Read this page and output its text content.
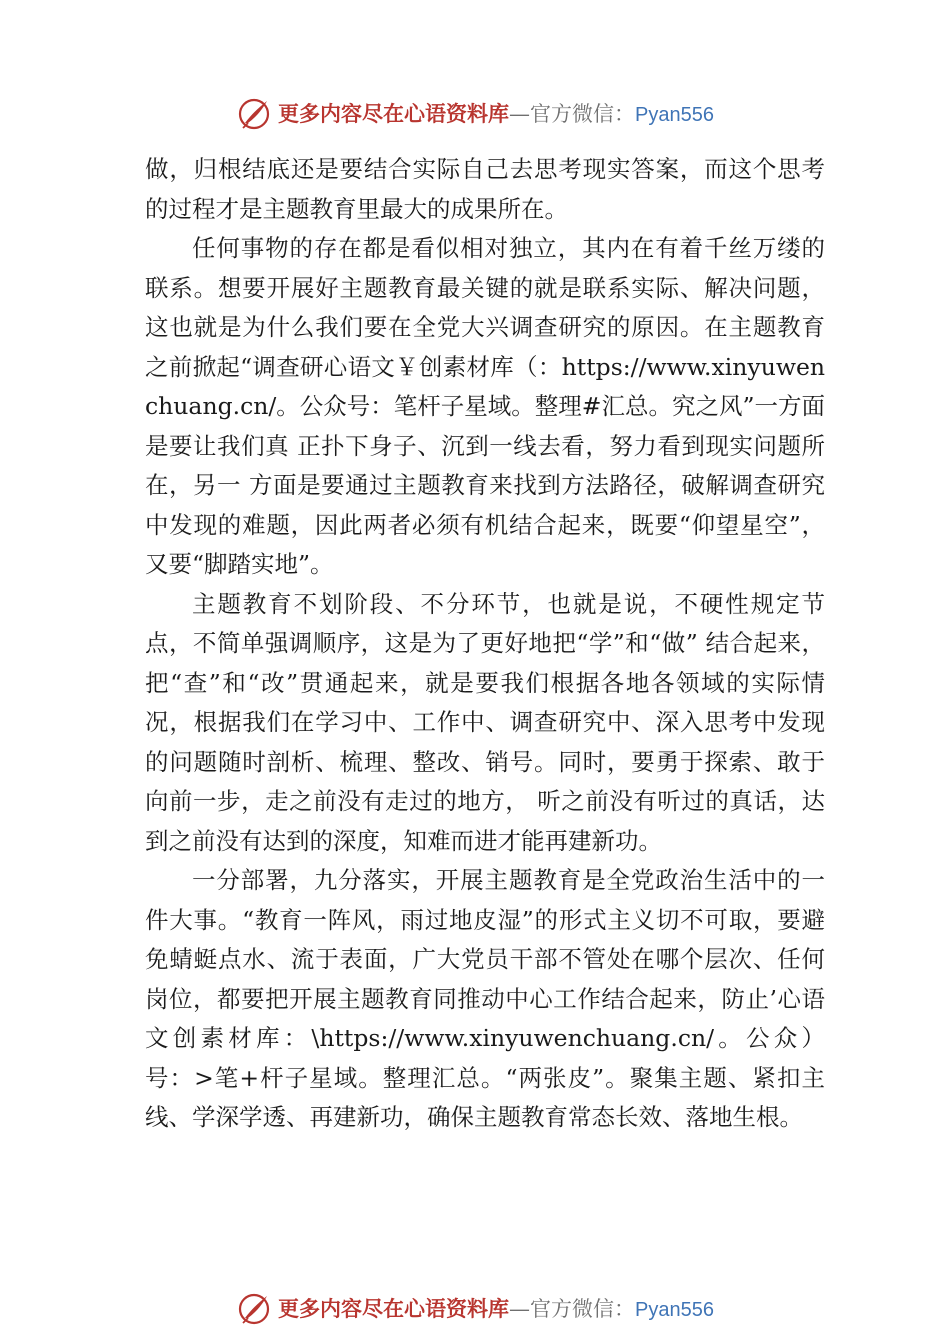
更多内容尽在心语资料库—官方微信：Pyan556

做，归根结底还是要结合实际自己去思考现实答案，而这个思考的过程才是主题教育里最大的成果所在。

任何事物的存在都是看似相对独立，其内在有着千丝万缕的联系。想要开展好主题教育最关键的就是联系实际、解决问题，这也就是为什么我们要在全党大兴调查研究的原因。在主题教育之前掀起“调查研心语文￥创素材库（：https://www.xinyuwenchuang.cn/。公众号：笔杆子星域。整理#汇总。究之风”一方面是要让我们真 正扑下身子、沉到一线去看，努力看到现实问题所在，另一 方面是要通过主题教育来找到方法路径，破解调查研究中发现的难题，因此两者必须有机结合起来，既要“仰望星空”， 又要“脚踏实地”。

主题教育不划阶段、不分环节，也就是说，不硬性规定节点，不简单强调顺序，这是为了更好地把“学”和“做” 结合起来，把“查”和“改”贯通起来，就是要我们根据各地各领域的实际情况，根据我们在学习中、工作中、调查研究中、深入思考中发现的问题随时剖析、梳理、整改、销号。同时，要勇于探索、敢于向前一步，走之前没有走过的地方， 听之前没有听过的真话，达到之前没有达到的深度，知难而进才能再建新功。

一分部署，九分落实，开展主题教育是全党政治生活中的一件大事。“教育一阵风，雨过地皮湿”的形式主义切不可取，要避免蜻蜓点水、流于表面，广大党员干部不管处在哪个层次、任何岗位，都要把开展主题教育同推动中心工作结合起来，防止’心语文创素材库：\https://www.xinyuwenchuang.cn/。公众）号：>笔+杆子星域。整理汇总。“两张皮”。聚集主题、紧扣主线、学深学透、再建新功，确保主题教育常态长效、落地生根。

更多内容尽在心语资料库—官方微信：Pyan556
